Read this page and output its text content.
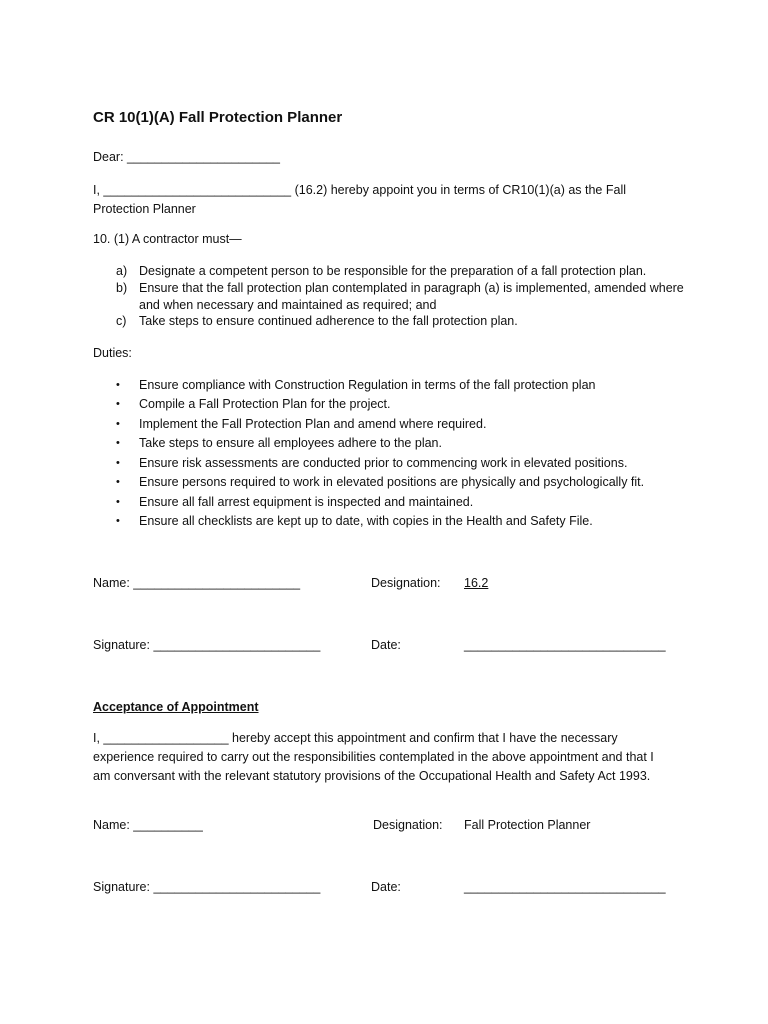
CR 10(1)(A) Fall Protection Planner
Dear: ______________________
I, ___________________________ (16.2) hereby appoint you in terms of CR10(1)(a) as the Fall Protection Planner
10. (1) A contractor must—
a) Designate a competent person to be responsible for the preparation of a fall protection plan.
b) Ensure that the fall protection plan contemplated in paragraph (a) is implemented, amended where and when necessary and maintained as required; and
c) Take steps to ensure continued adherence to the fall protection plan.
Duties:
• Ensure compliance with Construction Regulation in terms of the fall protection plan
• Compile a Fall Protection Plan for the project.
• Implement the Fall Protection Plan and amend where required.
• Take steps to ensure all employees adhere to the plan.
• Ensure risk assessments are conducted prior to commencing work in elevated positions.
• Ensure persons required to work in elevated positions are physically and psychologically fit.
• Ensure all fall arrest equipment is inspected and maintained.
• Ensure all checklists are kept up to date, with copies in the Health and Safety File.
Name: ________________________	Designation: 16.2
Signature: ________________________	Date:	_____________________________
Acceptance of Appointment
I, __________________ hereby accept this appointment and confirm that I have the necessary experience required to carry out the responsibilities contemplated in the above appointment and that I am conversant with the relevant statutory provisions of the Occupational Health and Safety Act 1993.
Name: __________	Designation: Fall Protection Planner
Signature: ________________________	Date:	_____________________________
